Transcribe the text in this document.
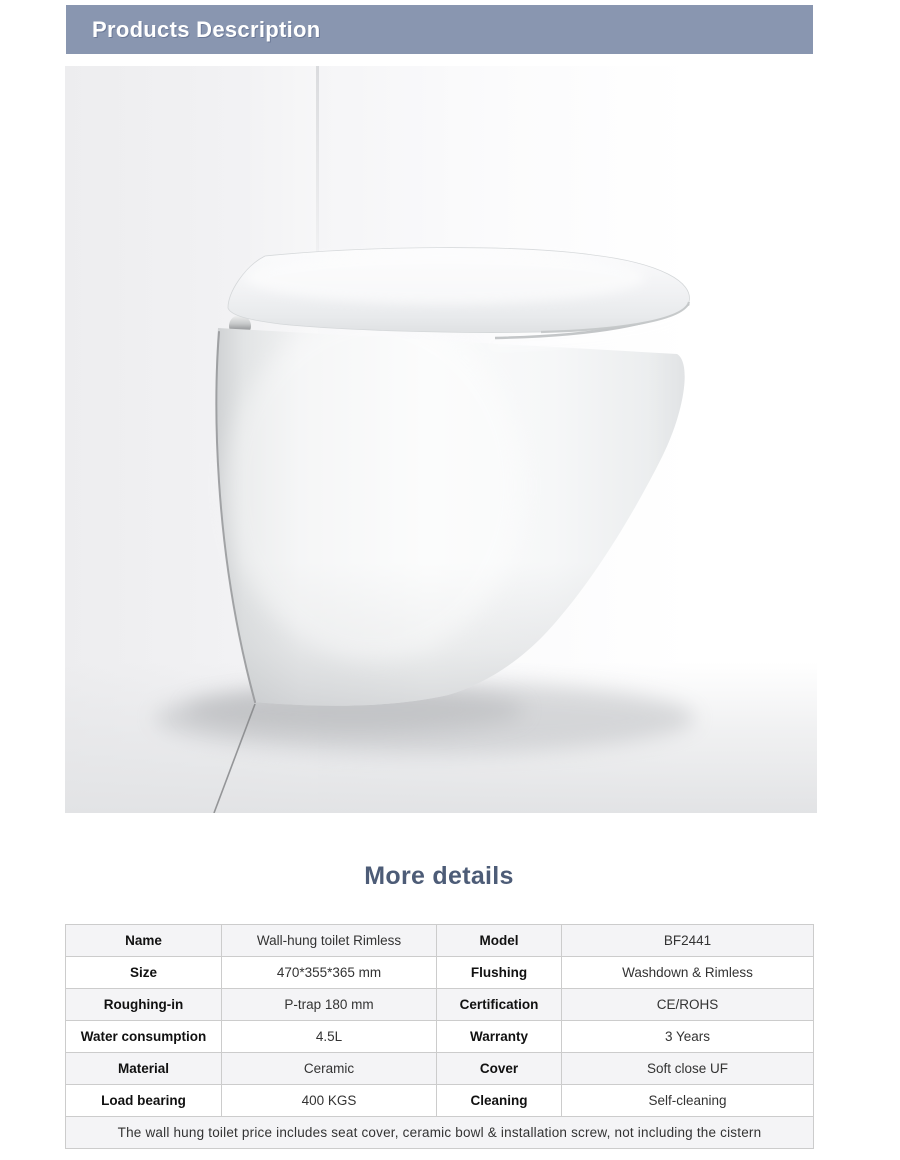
Products Description
More details
Name	Wall-hung toilet Rimless	Model	BF2441
Size	470*355*365 mm	Flushing	Washdown & Rimless
Roughing-in	P-trap 180 mm	Certification	CE/ROHS
Water consumption	4.5L	Warranty	3 Years
Material	Ceramic	Cover	Soft close UF
Load bearing	400 KGS	Cleaning	Self-cleaning
The wall hung toilet price includes seat cover, ceramic bowl & installation screw, not including the cistern			
